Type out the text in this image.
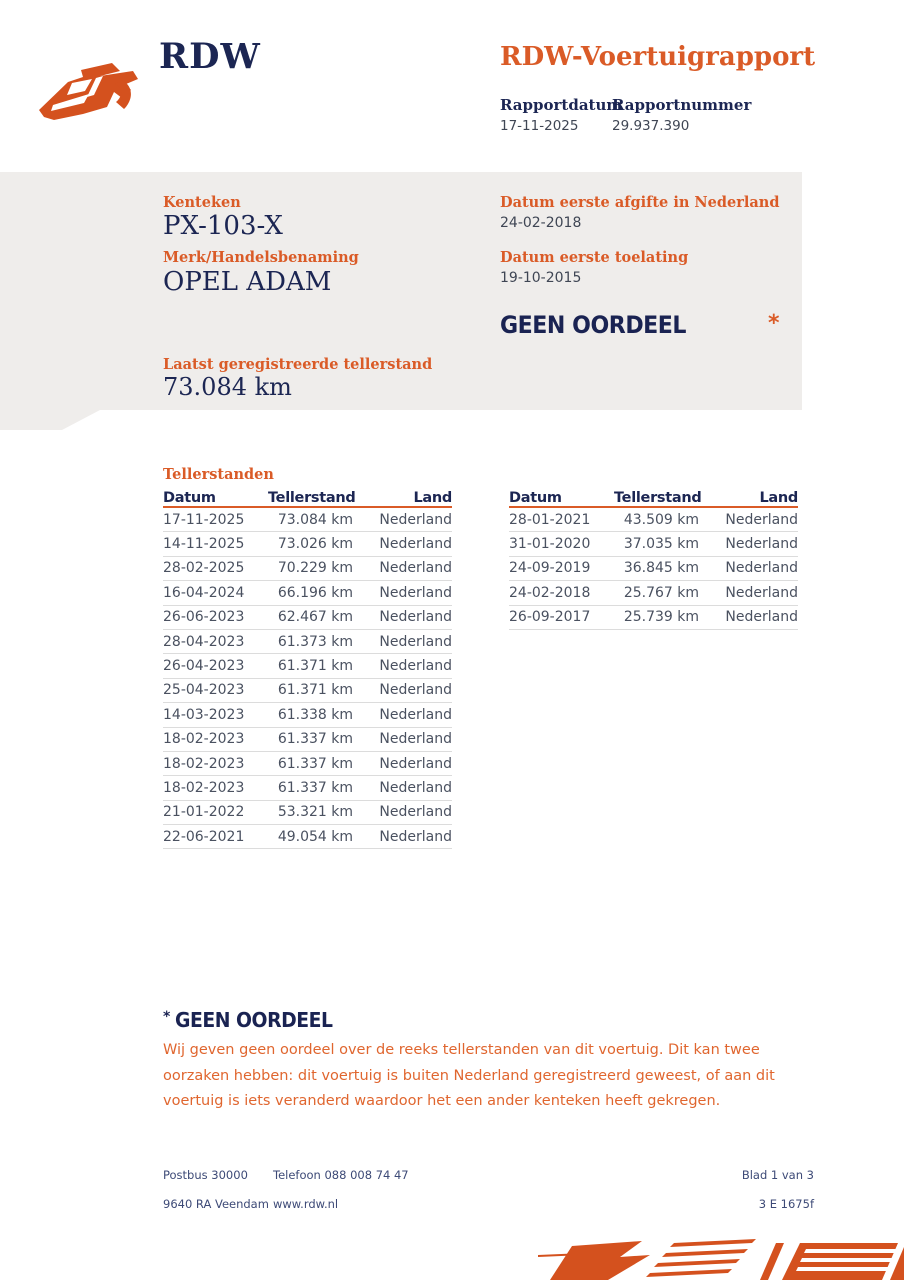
RDW	RDW-Voertuigrapport
Rapportdatum
Rapportnummer
17-11-2025 29.937.390
Kenteken
PX-103-X
Merk/Handelsbenaming
OPEL ADAM
Datum eerste afgifte in Nederland
24-02-2018
Datum eerste toelating
19-10-2015
GEEN OORDEEL	*
Laatst geregistreerde tellerstand
73.084 km
Tellerstanden
Datum	Tellerstand	Land
17-11-2025	73.084 km	Nederland
14-11-2025	73.026 km	Nederland
28-02-2025	70.229 km	Nederland
16-04-2024	66.196 km	Nederland
26-06-2023	62.467 km	Nederland
28-04-2023	61.373 km	Nederland
26-04-2023	61.371 km	Nederland
25-04-2023	61.371 km	Nederland
14-03-2023	61.338 km	Nederland
18-02-2023	61.337 km	Nederland
18-02-2023	61.337 km	Nederland
18-02-2023	61.337 km	Nederland
21-01-2022	53.321 km	Nederland
22-06-2021	49.054 km	Nederland
Datum	Tellerstand	Land
28-01-2021	43.509 km	Nederland
31-01-2020	37.035 km	Nederland
24-09-2019	36.845 km	Nederland
24-02-2018	25.767 km	Nederland
26-09-2017	25.739 km	Nederland
* GEEN OORDEEL
Wij geven geen oordeel over de reeks tellerstanden van dit voertuig. Dit kan twee oorzaken hebben: dit voertuig is buiten Nederland geregistreerd geweest, of aan dit voertuig is iets veranderd waardoor het een ander kenteken heeft gekregen.
Postbus 30000
9640 RA Veendam
Telefoon 088 008 74 47
www.rdw.nl
Blad 1 van 3
3 E 1675f
